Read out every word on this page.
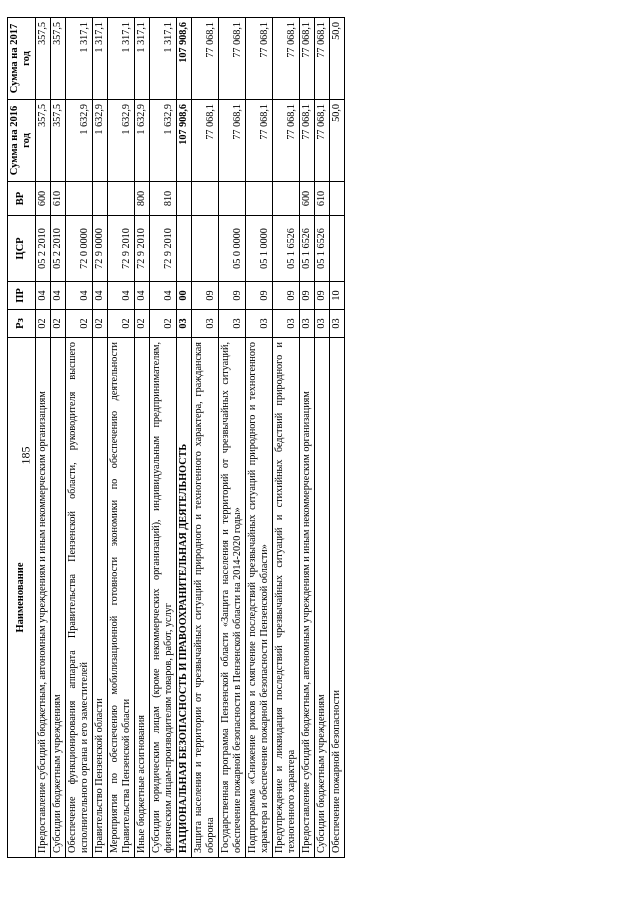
185
Наименование	Рз	ПР	ЦСР	ВР	Сумма на 2016 год	Сумма на 2017 год
Предоставление субсидий бюджетным, автономным учреждениям и иным некоммерческим организациям	02	04	05 2 2010	600	357,5	357,5
Субсидии бюджетным учреждениям	02	04	05 2 2010	610	357,5	357,5
Обеспечение функционирования аппарата Правительства Пензенской области, руководителя высшего исполнительного органа и его заместителей	02	04	72 0 0000		1 632,9	1 317,1
Правительство Пензенской области	02	04	72 9 0000		1 632,9	1 317,1
Мероприятия по обеспечению мобилизационной готовности экономики по обеспечению деятельности Правительства Пензенской области	02	04	72 9 2010		1 632,9	1 317,1
Иные бюджетные ассигнования	02	04	72 9 2010	800	1 632,9	1 317,1
Субсидии юридическим лицам (кроме некоммерческих организаций), индивидуальным предпринимателям, физическим лицам-производителям товаров, работ, услуг	02	04	72 9 2010	810	1 632,9	1 317,1
НАЦИОНАЛЬНАЯ БЕЗОПАСНОСТЬ И ПРАВООХРАНИТЕЛЬНАЯ ДЕЯТЕЛЬНОСТЬ	03	00			107 908,6	107 908,6
Защита населения и территории от чрезвычайных ситуаций природного и техногенного характера, гражданская оборона	03	09			77 068,1	77 068,1
Государственная программа Пензенской области «Защита населения и территорий от чрезвычайных ситуаций, обеспечение пожарной безопасности в Пензенской области на 2014-2020 годы»	03	09	05 0 0000		77 068,1	77 068,1
Подпрограмма «Снижение рисков и смягчение последствий чрезвычайных ситуаций природного и техногенного характера и обеспечение пожарной безопасности Пензенской области»	03	09	05 1 0000		77 068,1	77 068,1
Предупреждение и ликвидация последствий чрезвычайных ситуаций и стихийных бедствий природного и техногенного характера	03	09	05 1 6526		77 068,1	77 068,1
Предоставление субсидий бюджетным, автономным учреждениям и иным некоммерческим организациям	03	09	05 1 6526	600	77 068,1	77 068,1
Субсидии бюджетным учреждениям	03	09	05 1 6526	610	77 068,1	77 068,1
Обеспечение пожарной безопасности	03	10			50,0	50,0
